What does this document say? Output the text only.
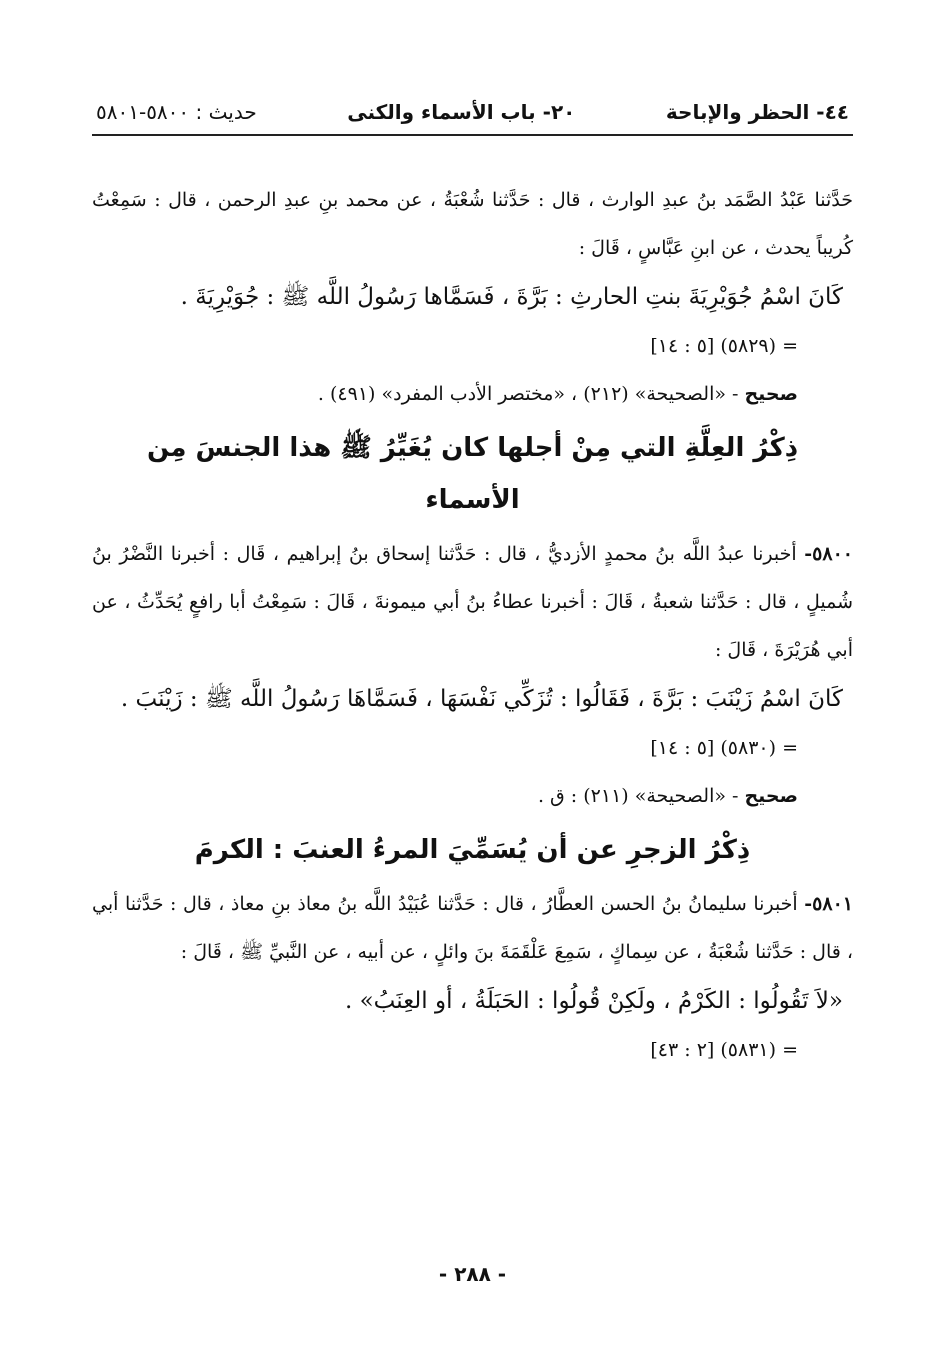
٤٤- الحظر والإباحة
٢٠- باب الأسماء والكنى
حديث : ٥٨٠٠-٥٨٠١

حَدَّثنا عَبْدُ الصَّمَد بنُ عبدِ الوارث ، قال : حَدَّثنا شُعْبَةُ ، عن محمد بنِ عبدِ الرحمن ، قال : سَمِعْتُ كُريباً يحدث ، عن ابنِ عَبَّاسٍ ، قَالَ :

كَانَ اسْمُ جُوَيْرِيَةَ بنتِ الحارثِ : بَرَّةَ ، فَسَمَّاها رَسُولُ اللَّه ﷺ : جُوَيْرِيَةَ .

= (٥٨٢٩) [٥ : ١٤]

صحيح - «الصحيحة» (٢١٢) ، «مختصر الأدب المفرد» (٤٩١) .

ذِكْرُ العِلَّةِ التي مِنْ أجلها كان يُغَيِّرُ ﷺ هذا الجنسَ مِن الأسماء

٥٨٠٠- أخبرنا عبدُ اللَّه بنُ محمدٍ الأزديُّ ، قال : حَدَّثنا إسحاق بنُ إبراهيم ، قَال : أخبرنا النَّضْرُ بنُ شُميلٍ ، قال : حَدَّثنا شعبةُ ، قَالَ : أخبرنا عطاءُ بنُ أبي ميمونةَ ، قَالَ : سَمِعْتُ أبا رافعٍ يُحَدِّثُ ، عن أبي هُرَيْرَةَ ، قَالَ :

كَانَ اسْمُ زَيْنَبَ : بَرَّةَ ، فَقَالُوا : تُزَكِّي نَفْسَهَا ، فَسَمَّاهَا رَسُولُ اللَّه ﷺ : زَيْنَبَ .

= (٥٨٣٠) [٥ : ١٤]

صحيح - «الصحيحة» (٢١١) : ق .

ذِكْرُ الزجرِ عن أن يُسَمِّيَ المرءُ العنبَ : الكرمَ

٥٨٠١- أخبرنا سليمانُ بنُ الحسن العطَّارُ ، قال : حَدَّثنا عُبَيْدُ اللَّه بنُ معاذ بنِ معاذ ، قال : حَدَّثنا أبي ، قال : حَدَّثنا شُعْبَةُ ، عن سِماكٍ ، سَمِعَ عَلْقَمَةَ بنَ وائلٍ ، عن أبيه ، عن النَّبيِّ ﷺ ، قَالَ :

«لاَ تَقُولُوا : الكَرْمُ ، ولَكِنْ قُولُوا : الحَبَلَةُ ، أو العِنَبُ» .

= (٥٨٣١) [٢ : ٤٣]

- ٢٨٨ -
